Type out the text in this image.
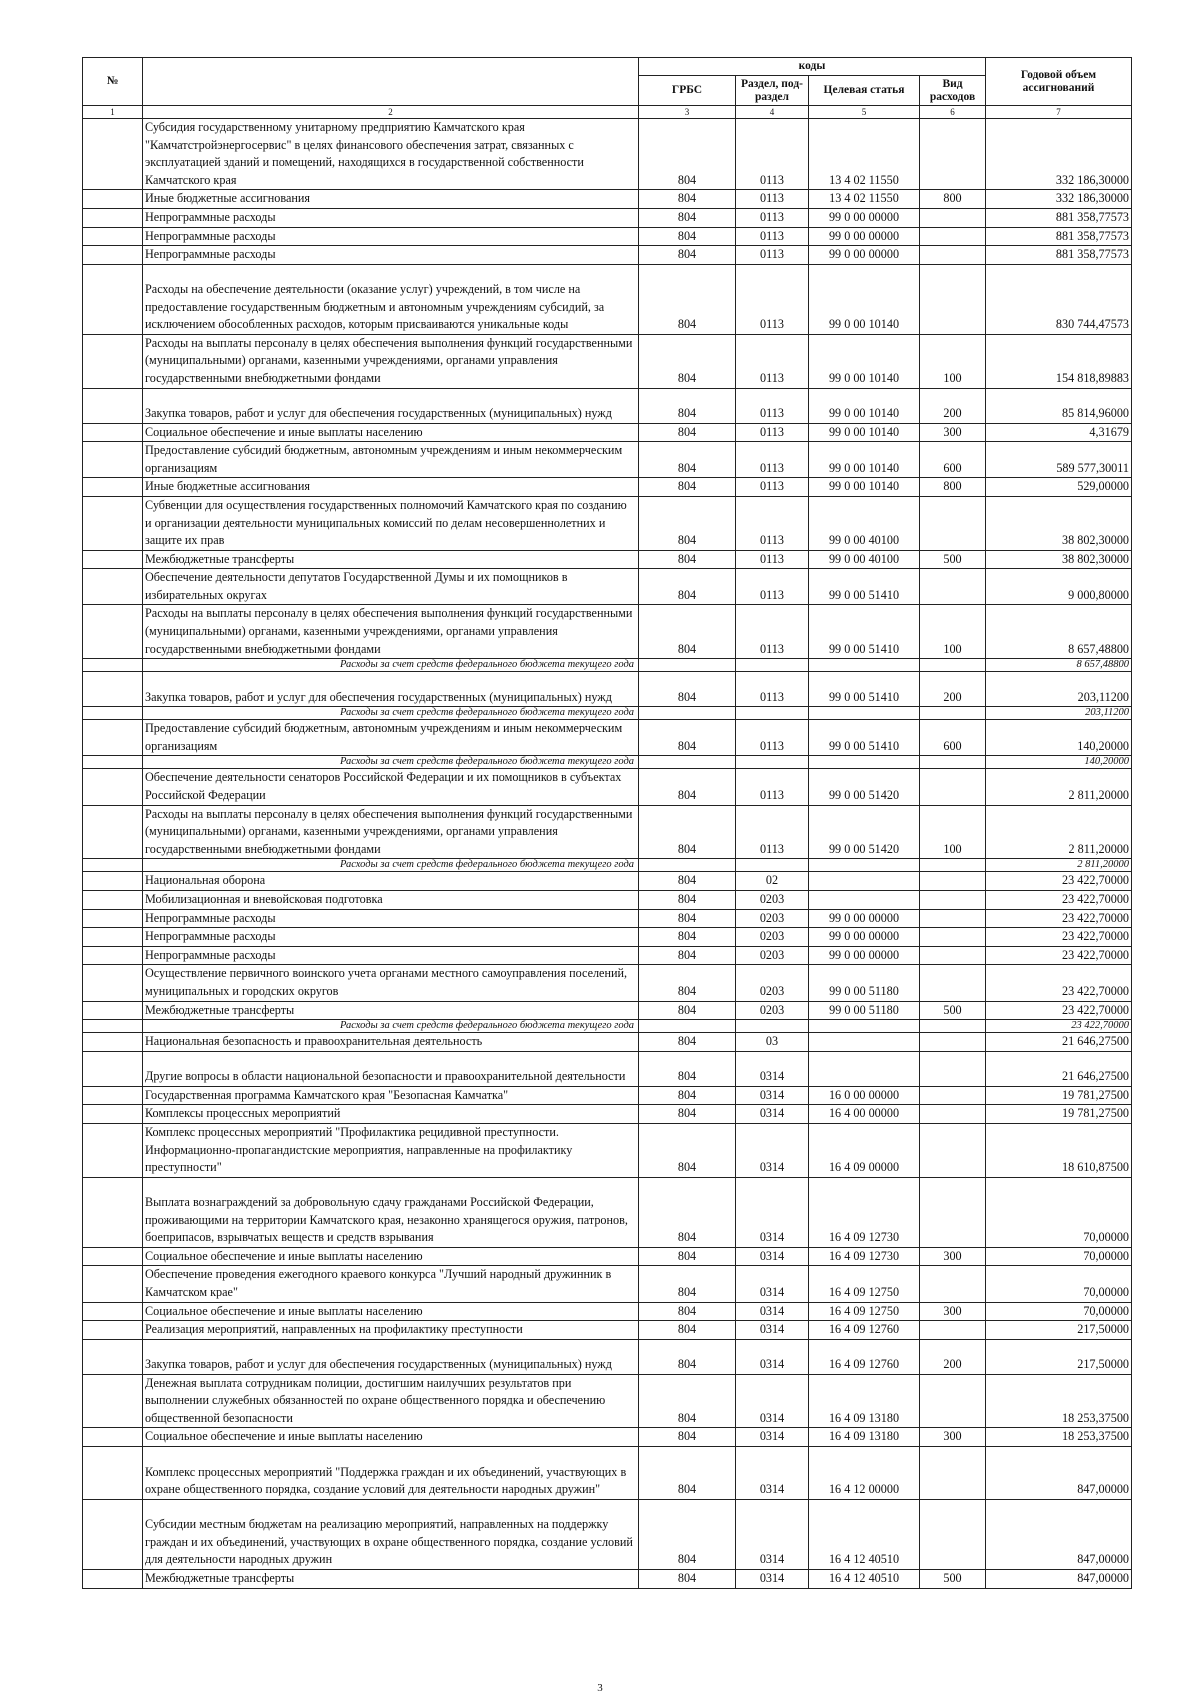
№		коды				Годовой объем ассигнований
		ГРБС	Раздел, под-раздел	Целевая статья	Вид расходов	
1	2	3	4	5	6	7
	Субсидия государственному унитарному предприятию Камчатского края "Камчатстройэнергосервис" в целях финансового обеспечения затрат, связанных с эксплуатацией зданий и помещений, находящихся в государственной собственности Камчатского края	804	0113	13 4 02 11550		332 186,30000
	Иные бюджетные ассигнования	804	0113	13 4 02 11550	800	332 186,30000
	Непрограммные расходы	804	0113	99 0 00 00000		881 358,77573
	Непрограммные расходы	804	0113	99 0 00 00000		881 358,77573
	Непрограммные расходы	804	0113	99 0 00 00000		881 358,77573
	Расходы на обеспечение деятельности (оказание услуг) учреждений, в том числе на предоставление государственным бюджетным и автономным учреждениям субсидий, за исключением обособленных расходов, которым присваиваются уникальные коды	804	0113	99 0 00 10140		830 744,47573
	Расходы на выплаты персоналу в целях обеспечения выполнения функций государственными (муниципальными) органами, казенными учреждениями, органами управления государственными внебюджетными фондами	804	0113	99 0 00 10140	100	154 818,89883
	Закупка товаров, работ и услуг для обеспечения государственных (муниципальных) нужд	804	0113	99 0 00 10140	200	85 814,96000
	Социальное обеспечение и иные выплаты населению	804	0113	99 0 00 10140	300	4,31679
	Предоставление субсидий бюджетным, автономным учреждениям и иным некоммерческим организациям	804	0113	99 0 00 10140	600	589 577,30011
	Иные бюджетные ассигнования	804	0113	99 0 00 10140	800	529,00000
	Субвенции для осуществления государственных полномочий Камчатского края по созданию и организации деятельности муниципальных комиссий по делам несовершеннолетних и защите их прав	804	0113	99 0 00 40100		38 802,30000
	Межбюджетные трансферты	804	0113	99 0 00 40100	500	38 802,30000
	Обеспечение деятельности депутатов Государственной Думы и их помощников в избирательных округах	804	0113	99 0 00 51410		9 000,80000
	Расходы на выплаты персоналу в целях обеспечения выполнения функций государственными (муниципальными) органами, казенными учреждениями, органами управления государственными внебюджетными фондами	804	0113	99 0 00 51410	100	8 657,48800
	Расходы за счет средств федерального бюджета текущего года					8 657,48800
	Закупка товаров, работ и услуг для обеспечения государственных (муниципальных) нужд	804	0113	99 0 00 51410	200	203,11200
	Расходы за счет средств федерального бюджета текущего года					203,11200
	Предоставление субсидий бюджетным, автономным учреждениям и иным некоммерческим организациям	804	0113	99 0 00 51410	600	140,20000
	Расходы за счет средств федерального бюджета текущего года					140,20000
	Обеспечение деятельности сенаторов Российской Федерации и их помощников в субъектах Российской Федерации	804	0113	99 0 00 51420		2 811,20000
	Расходы на выплаты персоналу в целях обеспечения выполнения функций государственными (муниципальными) органами, казенными учреждениями, органами управления государственными внебюджетными фондами	804	0113	99 0 00 51420	100	2 811,20000
	Расходы за счет средств федерального бюджета текущего года					2 811,20000
	Национальная оборона	804	02			23 422,70000
	Мобилизационная и вневойсковая подготовка	804	0203			23 422,70000
	Непрограммные расходы	804	0203	99 0 00 00000		23 422,70000
	Непрограммные расходы	804	0203	99 0 00 00000		23 422,70000
	Непрограммные расходы	804	0203	99 0 00 00000		23 422,70000
	Осуществление первичного воинского учета органами местного самоуправления поселений, муниципальных и городских округов	804	0203	99 0 00 51180		23 422,70000
	Межбюджетные трансферты	804	0203	99 0 00 51180	500	23 422,70000
	Расходы за счет средств федерального бюджета текущего года					23 422,70000
	Национальная безопасность и правоохранительная деятельность	804	03			21 646,27500
	Другие вопросы в области национальной безопасности и правоохранительной деятельности	804	0314			21 646,27500
	Государственная программа Камчатского края "Безопасная Камчатка"	804	0314	16 0 00 00000		19 781,27500
	Комплексы процессных мероприятий	804	0314	16 4 00 00000		19 781,27500
	Комплекс процессных мероприятий "Профилактика рецидивной преступности. Информационно-пропагандистские мероприятия, направленные на профилактику преступности"	804	0314	16 4 09 00000		18 610,87500
	Выплата вознаграждений за добровольную сдачу гражданами Российской Федерации, проживающими на территории Камчатского края, незаконно хранящегося оружия, патронов, боеприпасов, взрывчатых веществ и средств взрывания	804	0314	16 4 09 12730		70,00000
	Социальное обеспечение и иные выплаты населению	804	0314	16 4 09 12730	300	70,00000
	Обеспечение проведения ежегодного краевого конкурса "Лучший народный дружинник в Камчатском крае"	804	0314	16 4 09 12750		70,00000
	Социальное обеспечение и иные выплаты населению	804	0314	16 4 09 12750	300	70,00000
	Реализация мероприятий, направленных на профилактику преступности	804	0314	16 4 09 12760		217,50000
	Закупка товаров, работ и услуг для обеспечения государственных (муниципальных) нужд	804	0314	16 4 09 12760	200	217,50000
	Денежная выплата сотрудникам полиции, достигшим наилучших результатов при выполнении служебных обязанностей по охране общественного порядка и обеспечению общественной безопасности	804	0314	16 4 09 13180		18 253,37500
	Социальное обеспечение и иные выплаты населению	804	0314	16 4 09 13180	300	18 253,37500
	Комплекс процессных мероприятий "Поддержка граждан и их объединений, участвующих в охране общественного порядка, создание условий для деятельности народных дружин"	804	0314	16 4 12 00000		847,00000
	Субсидии местным бюджетам на реализацию мероприятий, направленных на поддержку граждан и их объединений, участвующих в охране общественного порядка, создание условий для деятельности народных дружин	804	0314	16 4 12 40510		847,00000
	Межбюджетные трансферты	804	0314	16 4 12 40510	500	847,00000
3
